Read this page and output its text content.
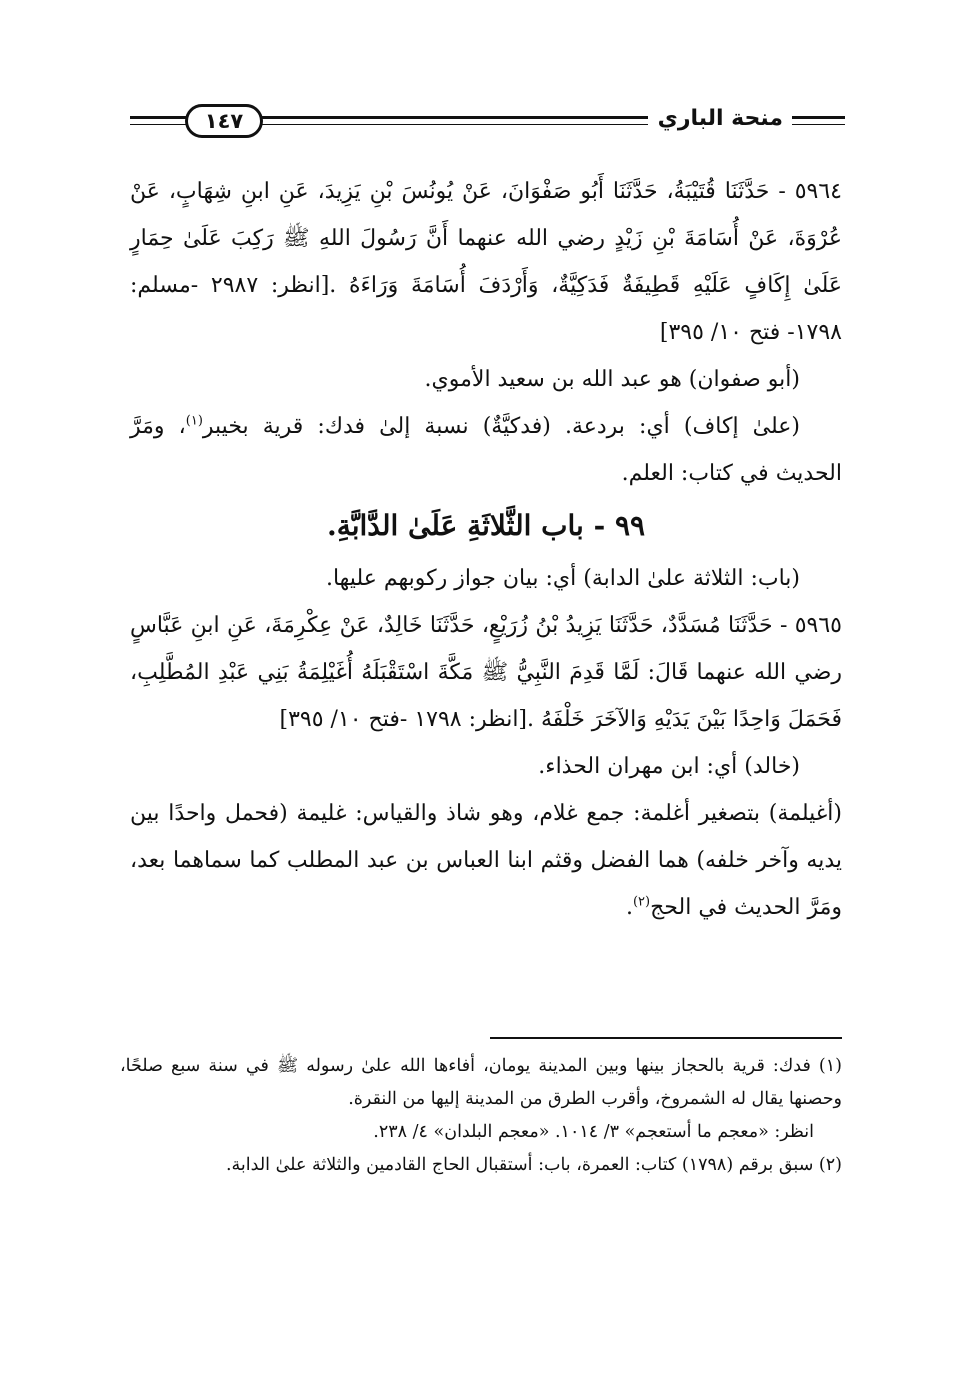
١٤٧	منحة الباري

٥٩٦٤ - حَدَّثَنَا قُتَيْبَةُ، حَدَّثَنَا أَبُو صَفْوَانَ، عَنْ يُونُسَ بْنِ يَزِيدَ، عَنِ ابنِ شِهَابٍ، عَنْ عُرْوَةَ، عَنْ أُسَامَةَ بْنِ زَيْدٍ رضي الله عنهما أَنَّ رَسُولَ اللهِ ﷺ رَكِبَ عَلَىٰ حِمَارٍ عَلَىٰ إِكَافٍ عَلَيْهِ قَطِيفَةٌ فَدَكِيَّةٌ، وَأَرْدَفَ أُسَامَةَ وَرَاءَهُ .[انظر: ٢٩٨٧ -مسلم: ١٧٩٨- فتح ١٠/ ٣٩٥]

(أبو صفوان) هو عبد الله بن سعيد الأموي.

(علىٰ إكاف) أي: بردعة. (فدكيَّةٌ) نسبة إلىٰ فدك: قرية بخيبر$^{(١)}$، ومَرَّ الحديث في كتاب: العلم.

٩٩ - باب الثَّلاثَةِ عَلَىٰ الدَّابَّةِ.

(باب: الثلاثة علىٰ الدابة) أي: بيان جواز ركوبهم عليها.

٥٩٦٥ - حَدَّثَنَا مُسَدَّدٌ، حَدَّثَنَا يَزِيدُ بْنُ زُرَيْعٍ، حَدَّثَنَا خَالِدٌ، عَنْ عِكْرِمَةَ، عَنِ ابنِ عَبَّاسٍ رضي الله عنهما قَالَ: لَمَّا قَدِمَ النَّبِيُّ ﷺ مَكَّةَ اسْتَقْبَلَهُ أُغَيْلِمَةُ بَنِي عَبْدِ المُطَّلِبِ، فَحَمَلَ وَاحِدًا بَيْنَ يَدَيْهِ وَالآخَرَ خَلْفَهُ .[انظر: ١٧٩٨ -فتح ١٠/ ٣٩٥]

(خالد) أي: ابن مهران الحذاء.

(أغيلمة) بتصغير أغلمة: جمع غلام، وهو شاذ والقياس: غليمة (فحمل واحدًا بين يديه وآخر خلفه) هما الفضل وقثم ابنا العباس بن عبد المطلب كما سماهما بعد، ومَرَّ الحديث في الحج$^{(٢)}$.

(١) فدك: قرية بالحجاز بينها وبين المدينة يومان، أفاءها الله علىٰ رسوله ﷺ في سنة سبع صلحًا، وحصنها يقال له الشمروخ، وأقرب الطرق من المدينة إليها من النقرة.

انظر: «معجم ما أستعجم» ٣/ ١٠١٤. «معجم البلدان» ٤/ ٢٣٨.

(٢) سبق برقم (١٧٩٨) كتاب: العمرة، باب: أستقبال الحاج القادمين والثلاثة علىٰ الدابة.
